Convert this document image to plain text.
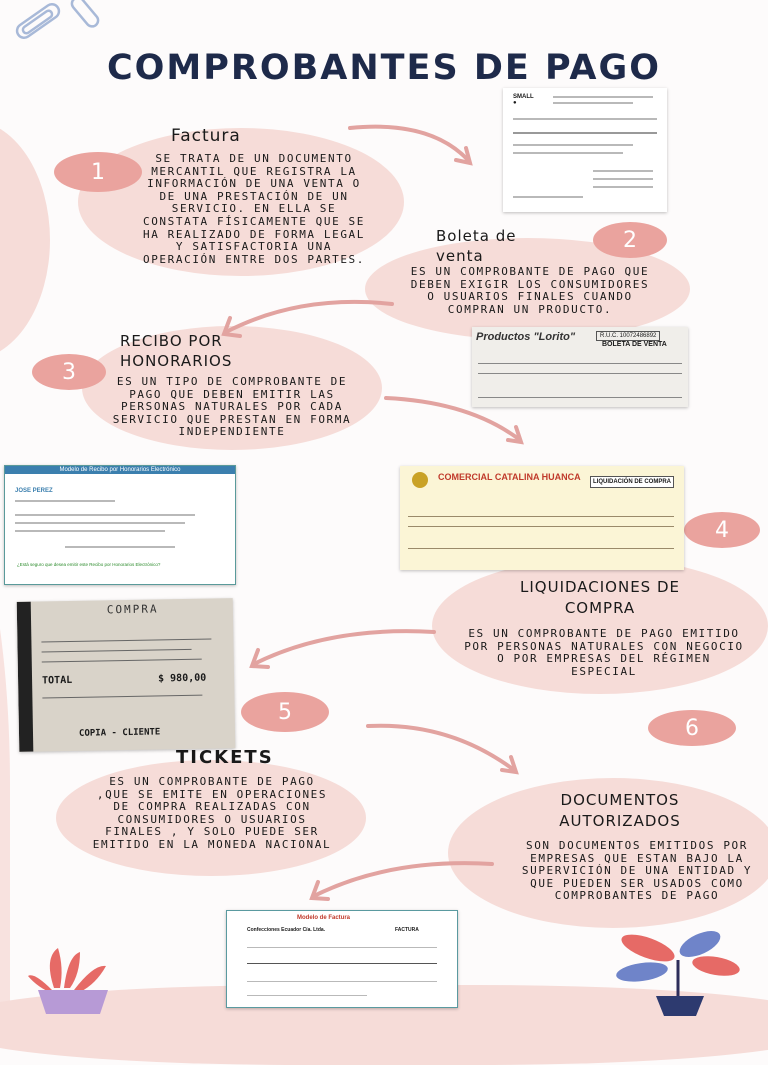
COMPROBANTES DE PAGO
1
Factura
SE TRATA DE UN DOCUMENTO MERCANTIL QUE REGISTRA LA INFORMACIÓN DE UNA VENTA O DE UNA PRESTACIÓN DE UN SERVICIO. EN ELLA SE CONSTATA FÍSICAMENTE QUE SE HA REALIZADO DE FORMA LEGAL Y SATISFACTORIA UNA OPERACIÓN ENTRE DOS PARTES.
2
Boleta de venta
ES UN COMPROBANTE DE PAGO QUE DEBEN EXIGIR LOS CONSUMIDORES O USUARIOS FINALES CUANDO COMPRAN UN PRODUCTO.
3
RECIBO POR HONORARIOS
ES UN TIPO DE COMPROBANTE DE PAGO QUE DEBEN EMITIR LAS PERSONAS NATURALES POR CADA SERVICIO QUE PRESTAN EN FORMA INDEPENDIENTE
4
LIQUIDACIONES DE COMPRA
ES UN COMPROBANTE DE PAGO EMITIDO POR PERSONAS NATURALES CON NEGOCIO O POR EMPRESAS DEL RÉGIMEN ESPECIAL
5
TICKETS
ES UN COMPROBANTE DE PAGO ,QUE SE EMITE EN OPERACIONES DE COMPRA REALIZADAS CON CONSUMIDORES O USUARIOS FINALES , Y SOLO PUEDE SER EMITIDO EN LA MONEDA NACIONAL
6
DOCUMENTOS AUTORIZADOS
SON DOCUMENTOS EMITIDOS POR EMPRESAS QUE ESTAN BAJO LA SUPERVICIÓN DE UNA ENTIDAD Y QUE PUEDEN SER USADOS COMO COMPROBANTES DE PAGO
SMALL
●
Productos "Lorito"	R.U.C. 10072486892
BOLETA DE VENTA
Modelo de Recibo por Honorarios Electrónico
JOSE PEREZ
¿Está seguro que desea emitir este Recibo por Honorarios Electrónico?
COMERCIAL CATALINA HUANCA	LIQUIDACIÓN DE COMPRA
COMPRA
TOTAL	$ 980,00
COPIA - CLIENTE
Modelo de Factura
Confecciones Ecuador Cía. Ltda.	FACTURA
